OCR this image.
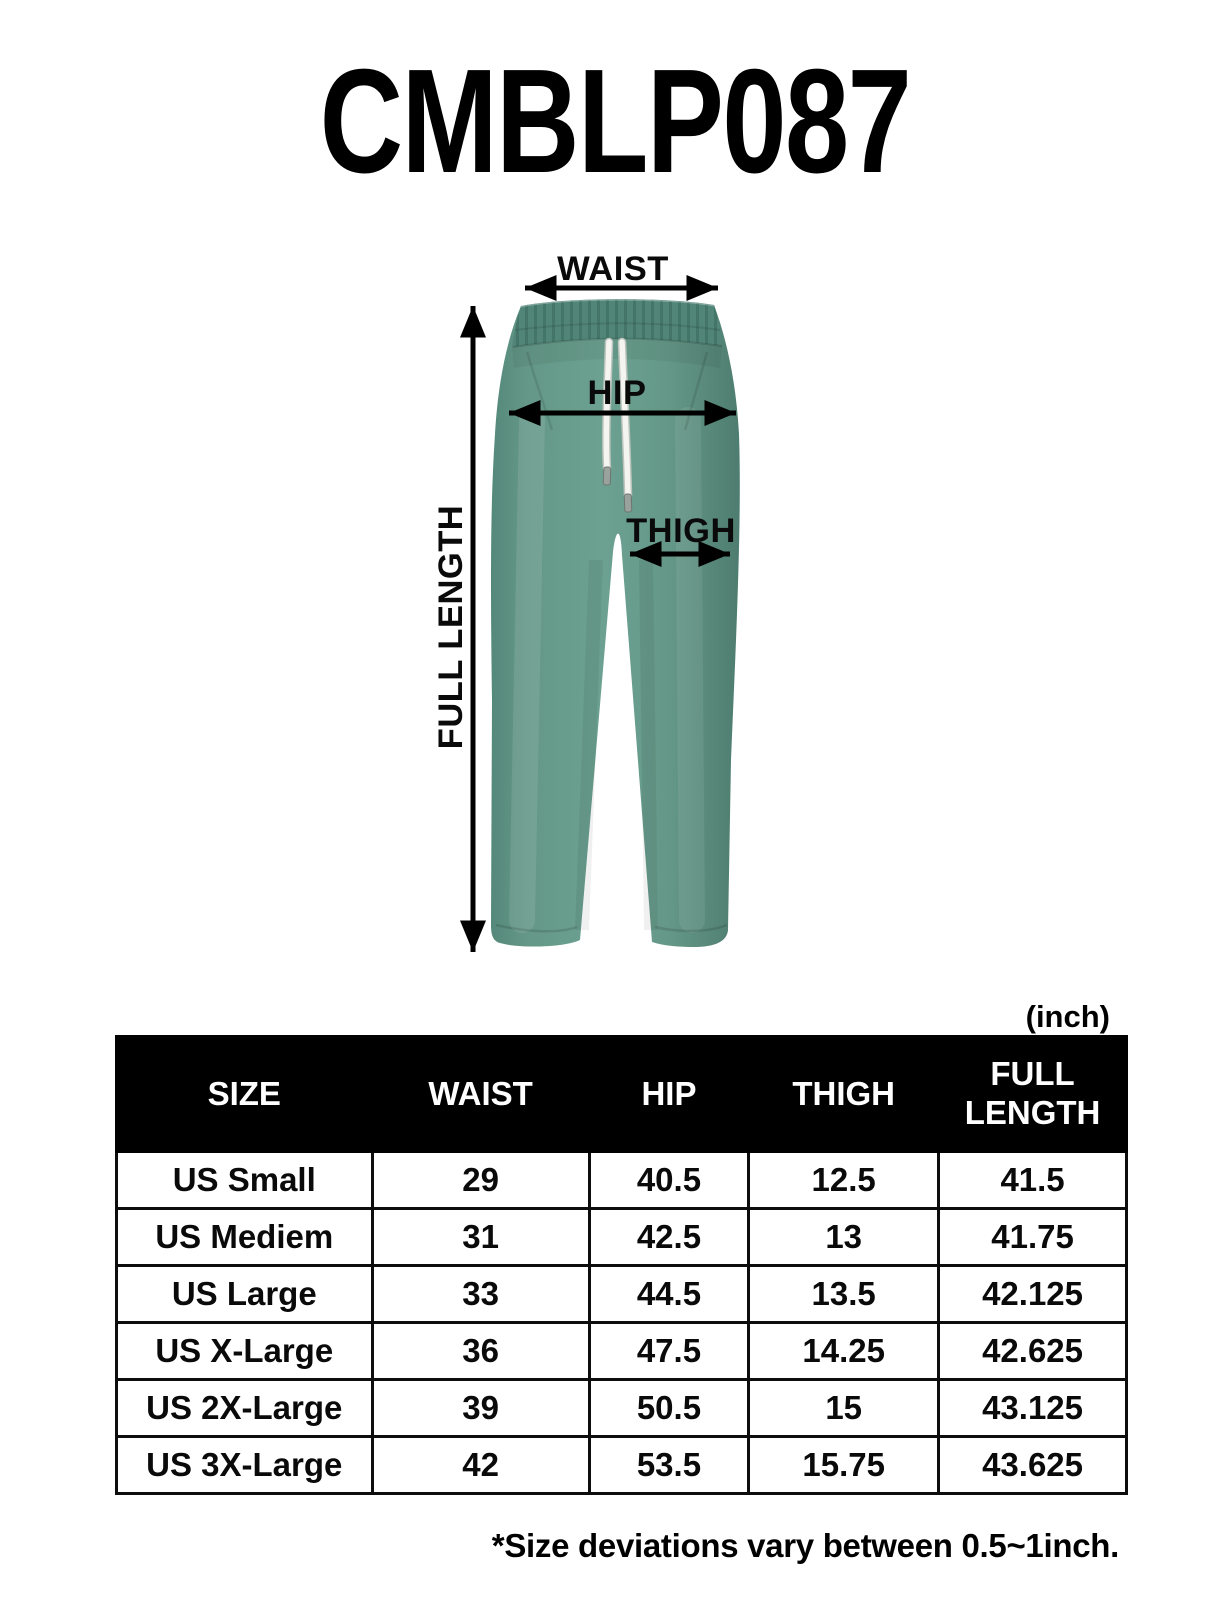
CMBLP087
WAIST
HIP
THIGH
FULL LENGTH
(inch)
SIZE	WAIST	HIP	THIGH	FULL LENGTH
US Small	29	40.5	12.5	41.5
US Mediem	31	42.5	13	41.75
US Large	33	44.5	13.5	42.125
US X-Large	36	47.5	14.25	42.625
US 2X-Large	39	50.5	15	43.125
US 3X-Large	42	53.5	15.75	43.625
*Size deviations vary between 0.5~1inch.
